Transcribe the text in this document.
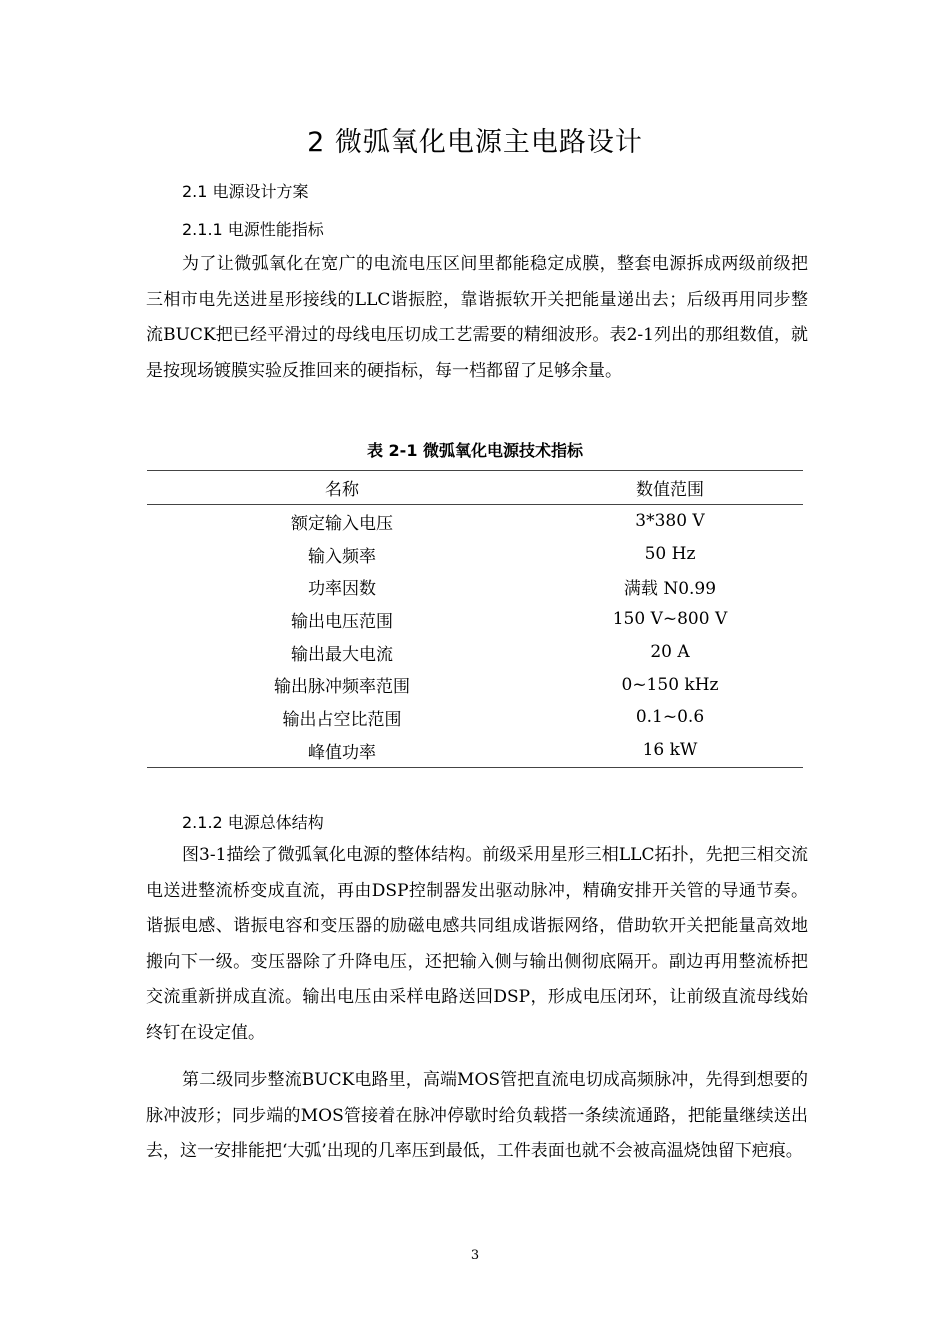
2 微弧氧化电源主电路设计
2.1 电源设计方案
2.1.1 电源性能指标
为了让微弧氧化在宽广的电流电压区间里都能稳定成膜，整套电源拆成两级前级把三相市电先送进星形接线的LLC谐振腔，靠谐振软开关把能量递出去；后级再用同步整流BUCK把已经平滑过的母线电压切成工艺需要的精细波形。表2-1列出的那组数值，就是按现场镀膜实验反推回来的硬指标，每一档都留了足够余量。
表 2-1 微弧氧化电源技术指标
名称	数值范围
额定输入电压	3*380 V
输入频率	50 Hz
功率因数	满载 N0.99
输出电压范围	150 V~800 V
输出最大电流	20 A
输出脉冲频率范围	0~150 kHz
输出占空比范围	0.1~0.6
峰值功率	16 kW
2.1.2 电源总体结构
图3-1描绘了微弧氧化电源的整体结构。前级采用星形三相LLC拓扑，先把三相交流电送进整流桥变成直流，再由DSP控制器发出驱动脉冲，精确安排开关管的导通节奏。谐振电感、谐振电容和变压器的励磁电感共同组成谐振网络，借助软开关把能量高效地搬向下一级。变压器除了升降电压，还把输入侧与输出侧彻底隔开。副边再用整流桥把交流重新拼成直流。输出电压由采样电路送回DSP，形成电压闭环，让前级直流母线始终钉在设定值。
第二级同步整流BUCK电路里，高端MOS管把直流电切成高频脉冲，先得到想要的脉冲波形；同步端的MOS管接着在脉冲停歇时给负载搭一条续流通路，把能量继续送出去，这一安排能把‘大弧’出现的几率压到最低，工件表面也就不会被高温烧蚀留下疤痕。
3
